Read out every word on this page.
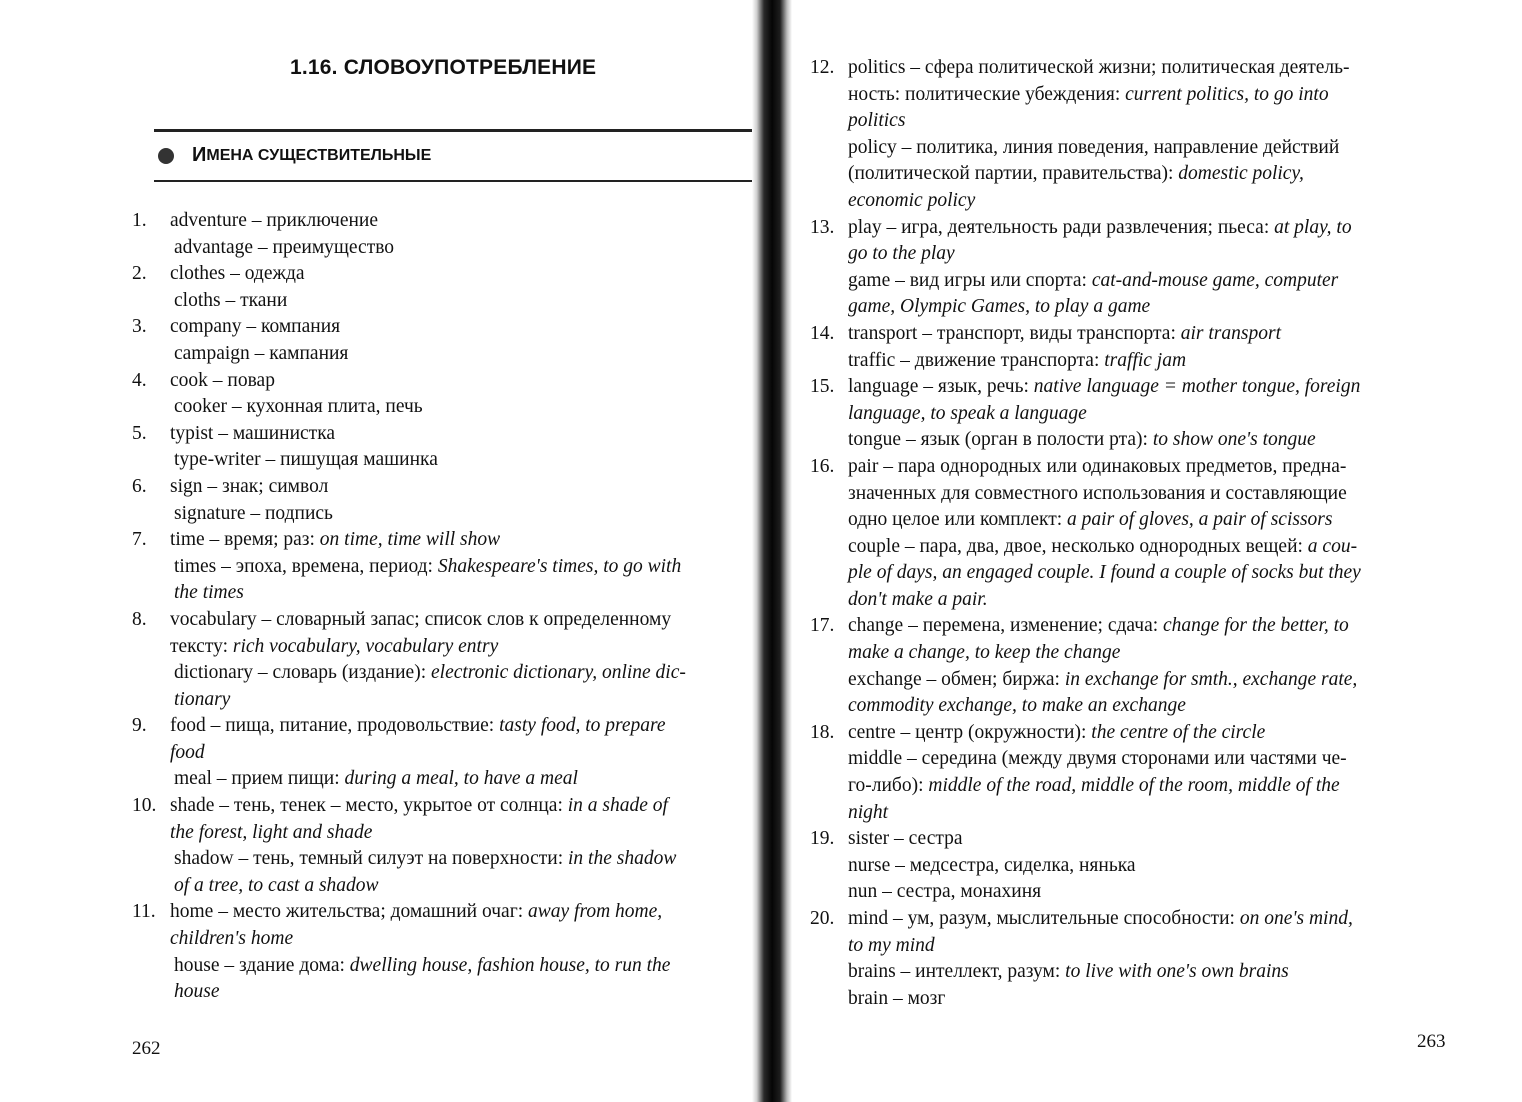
1.16. СЛОВОУПОТРЕБЛЕНИЕ
И МЕНА СУЩЕСТВИТЕЛЬНЫЕ
1.	adventure – приключение
advantage – преимущество
2.	clothes – одежда
cloths – ткани
3.	company – компания
campaign – кампания
4.	cook – повар
cooker – кухонная плита, печь
5.	typist – машинистка
type-writer – пишущая машинка
6.	sign – знак; символ
signature – подпись
7.	time – время; раз: on time, time will show
times – эпоха, времена, период: Shakespeare's times, to go with
the times
8.	vocabulary – словарный запас; список слов к определенному
тексту: rich vocabulary, vocabulary entry
dictionary – словарь (издание): electronic dictionary, online dic-
tionary
9.	food – пища, питание, продовольствие: tasty food, to prepare
food
meal – прием пищи: during a meal, to have a meal
10. shade – тень, тенек – место, укрытое от солнца: in a shade of
the forest, light and shade
shadow – тень, темный силуэт на поверхности: in the shadow
of a tree, to cast a shadow
11. home – место жительства; домашний очаг: away from home,
children's home
house – здание дома: dwelling house, fashion house, to run the
house
262
12. politics – сфера политической жизни; политическая деятель-
ность: политические убеждения: current politics, to go into
politics
policy – политика, линия поведения, направление действий
(политической партии, правительства): domestic policy,
economic policy
13. play – игра, деятельность ради развлечения; пьеса: at play, to
go to the play
game – вид игры или спорта: cat-and-mouse game, computer
game, Olympic Games, to play a game
14. transport – транспорт, виды транспорта: air transport
traffic – движение транспорта: traffic jam
15. language – язык, речь: native language = mother tongue, foreign
language, to speak a language
tongue – язык (орган в полости рта): to show one's tongue
16. pair – пара однородных или одинаковых предметов, предна-
значенных для совместного использования и составляющие
одно целое или комплект: a pair of gloves, a pair of scissors
couple – пара, два, двое, несколько однородных вещей: a cou-
ple of days, an engaged couple. I found a couple of socks but they
don't make a pair.
17. change – перемена, изменение; сдача: change for the better, to
make a change, to keep the change
exchange – обмен; биржа: in exchange for smth., exchange rate,
commodity exchange, to make an exchange
18. centre – центр (окружности): the centre of the circle
middle – середина (между двумя сторонами или частями че-
го-либо): middle of the road, middle of the room, middle of the
night
19. sister – сестра
nurse – медсестра, сиделка, нянька
nun – сестра, монахиня
20. mind – ум, разум, мыслительные способности: on one's mind,
to my mind
brains – интеллект, разум: to live with one's own brains
brain – мозг
263
